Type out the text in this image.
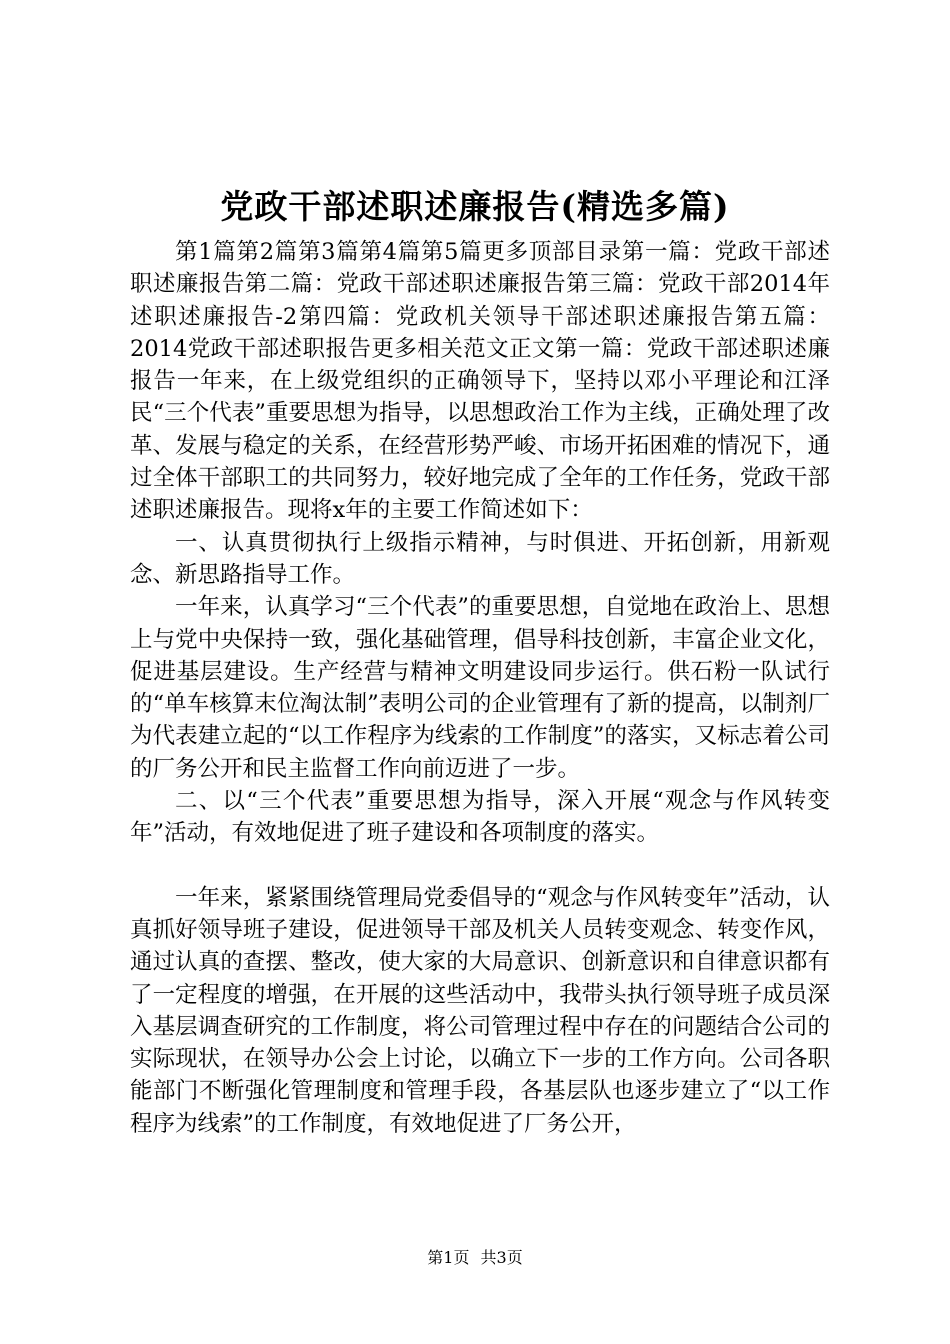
党政干部述职述廉报告(精选多篇)

第1篇第2篇第3篇第4篇第5篇更多顶部目录第一篇：党政干部述职述廉报告第二篇：党政干部述职述廉报告第三篇：党政干部2014年述职述廉报告-2第四篇：党政机关领导干部述职述廉报告第五篇：2014党政干部述职报告更多相关范文正文第一篇：党政干部述职述廉报告一年来，在上级党组织的正确领导下，坚持以邓小平理论和江泽民“三个代表”重要思想为指导，以思想政治工作为主线，正确处理了改革、发展与稳定的关系，在经营形势严峻、市场开拓困难的情况下，通过全体干部职工的共同努力，较好地完成了全年的工作任务，党政干部述职述廉报告。现将x年的主要工作简述如下：

一、认真贯彻执行上级指示精神，与时俱进、开拓创新，用新观念、新思路指导工作。

一年来，认真学习“三个代表”的重要思想，自觉地在政治上、思想上与党中央保持一致，强化基础管理，倡导科技创新，丰富企业文化，促进基层建设。生产经营与精神文明建设同步运行。供石粉一队试行的“单车核算末位淘汰制”表明公司的企业管理有了新的提高，以制剂厂为代表建立起的“以工作程序为线索的工作制度”的落实，又标志着公司的厂务公开和民主监督工作向前迈进了一步。

二、以“三个代表”重要思想为指导，深入开展“观念与作风转变年”活动，有效地促进了班子建设和各项制度的落实。

一年来，紧紧围绕管理局党委倡导的“观念与作风转变年”活动，认真抓好领导班子建设，促进领导干部及机关人员转变观念、转变作风，通过认真的查摆、整改，使大家的大局意识、创新意识和自律意识都有了一定程度的增强，在开展的这些活动中，我带头执行领导班子成员深入基层调查研究的工作制度，将公司管理过程中存在的问题结合公司的实际现状，在领导办公会上讨论，以确立下一步的工作方向。公司各职能部门不断强化管理制度和管理手段，各基层队也逐步建立了“以工作程序为线索”的工作制度，有效地促进了厂务公开，

第1页 共3页
